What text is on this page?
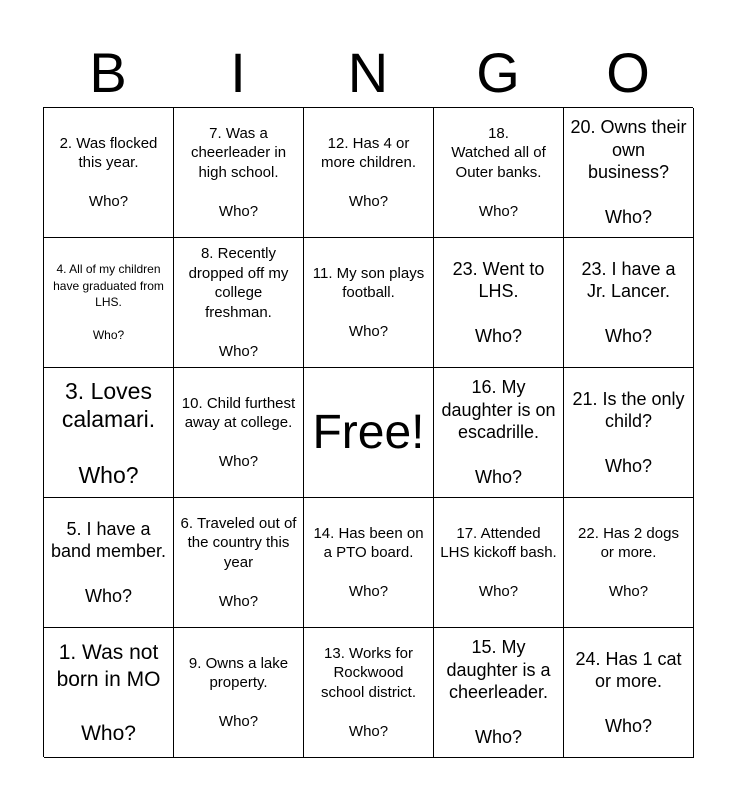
B	I	N	G	O
2. Was flocked this year.

Who?
7. Was a cheerleader in high school.

Who?
12. Has 4 or more children.

Who?
18.
Watched all of Outer banks.

Who?
20. Owns their own business?

Who?
4. All of my children have graduated from LHS.

Who?
8. Recently dropped off my college freshman.

Who?
11. My son plays football.

Who?
23. Went to LHS.

Who?
23. I have a Jr. Lancer.

Who?
3. Loves calamari.

Who?
10. Child furthest away at college.

Who?
Free!
16. My daughter is on escadrille.

Who?
21. Is the only child?

Who?
5. I have a band member.

Who?
6. Traveled out of the country this year

Who?
14. Has been on a PTO board.

Who?
17. Attended LHS kickoff bash.

Who?
22. Has 2 dogs or more.

Who?
1. Was not born in MO

Who?
9. Owns a lake property.

Who?
13. Works for Rockwood school district.

Who?
15. My daughter is a cheerleader.

Who?
24. Has 1 cat or more.

Who?
